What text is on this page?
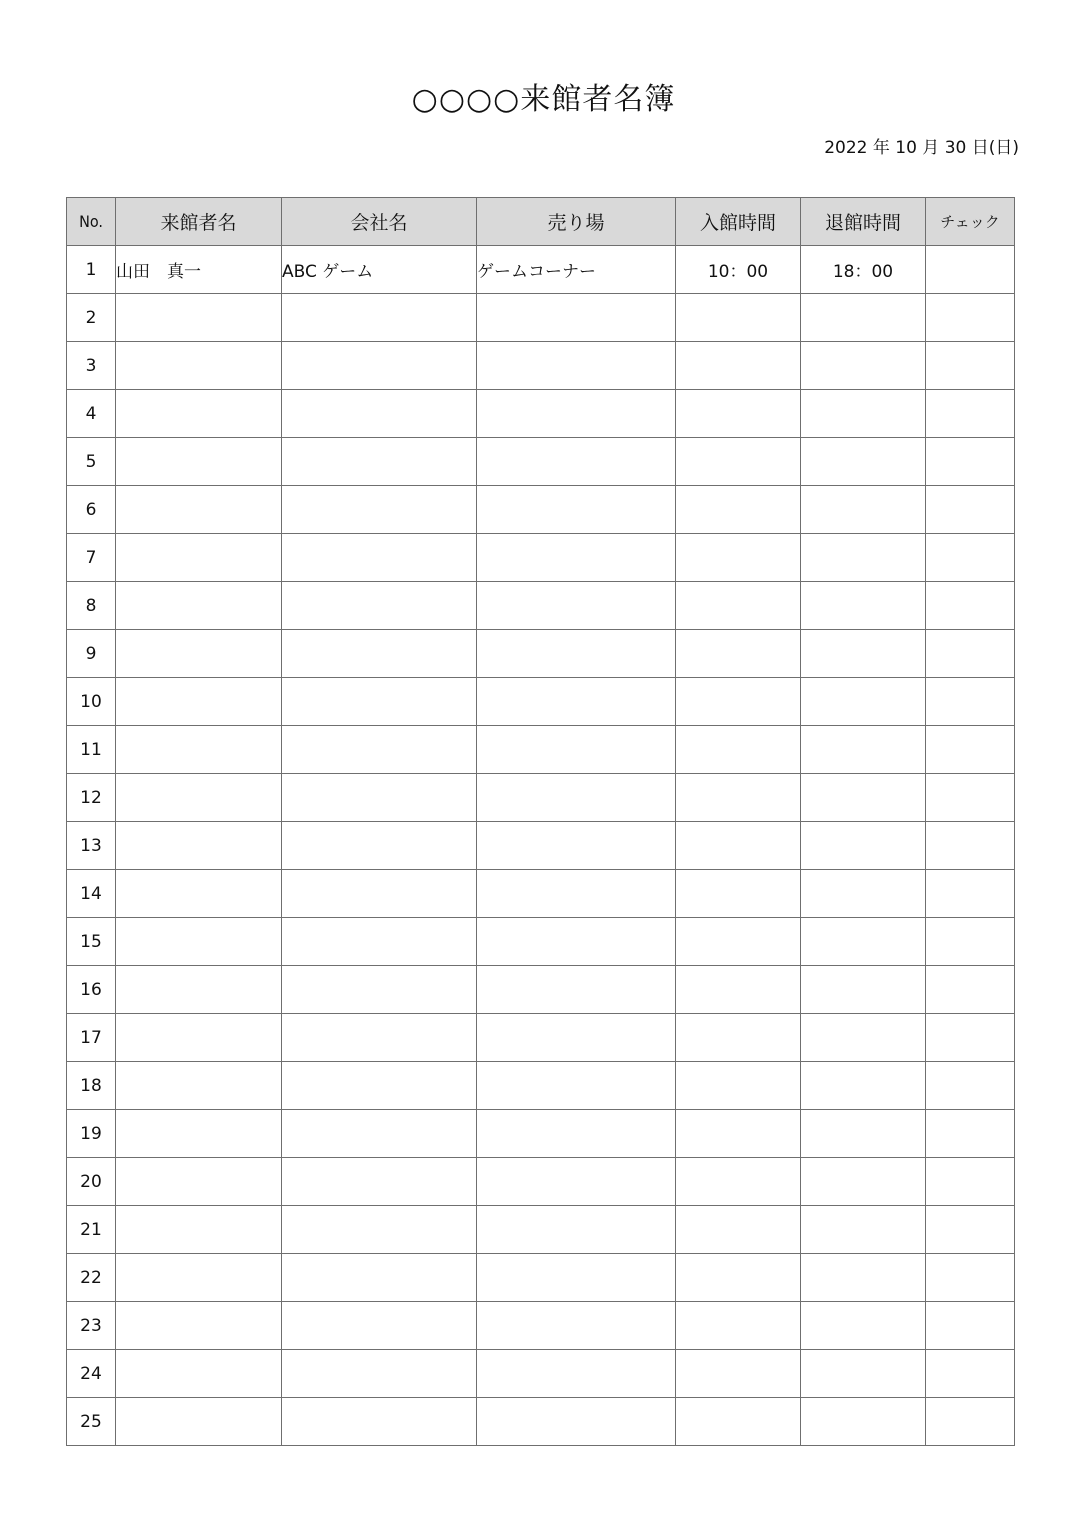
○○○○来館者名簿
2022 年 10 月 30 日(日)
No.	来館者名	会社名	売り場	入館時間	退館時間	チェック
1	山田　真一	ABC ゲーム	ゲームコーナー	10：00	18：00	
2						
3						
4						
5						
6						
7						
8						
9						
10						
11						
12						
13						
14						
15						
16						
17						
18						
19						
20						
21						
22						
23						
24						
25						
